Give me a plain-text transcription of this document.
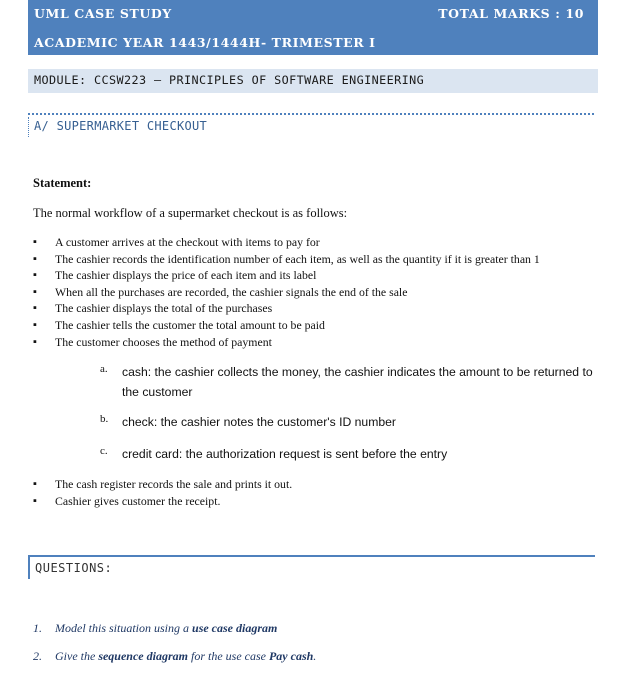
UML CASE STUDY	TOTAL MARKS : 10
ACADEMIC YEAR 1443/1444H- TRIMESTER I
MODULE: CCSW223 – PRINCIPLES OF SOFTWARE ENGINEERING
A/ SUPERMARKET CHECKOUT
Statement:
The normal workflow of a supermarket checkout is as follows:
▪ A customer arrives at the checkout with items to pay for
▪ The cashier records the identification number of each item, as well as the quantity if it is greater than 1
▪ The cashier displays the price of each item and its label
▪ When all the purchases are recorded, the cashier signals the end of the sale
▪ The cashier displays the total of the purchases
▪ The cashier tells the customer the total amount to be paid
▪ The customer chooses the method of payment
a. cash: the cashier collects the money, the cashier indicates the amount to be returned to the customer
b. check: the cashier notes the customer's ID number
c. credit card: the authorization request is sent before the entry
▪ The cash register records the sale and prints it out.
▪ Cashier gives customer the receipt.
QUESTIONS:
1. Model this situation using a use case diagram
2. Give the sequence diagram for the use case Pay cash.
